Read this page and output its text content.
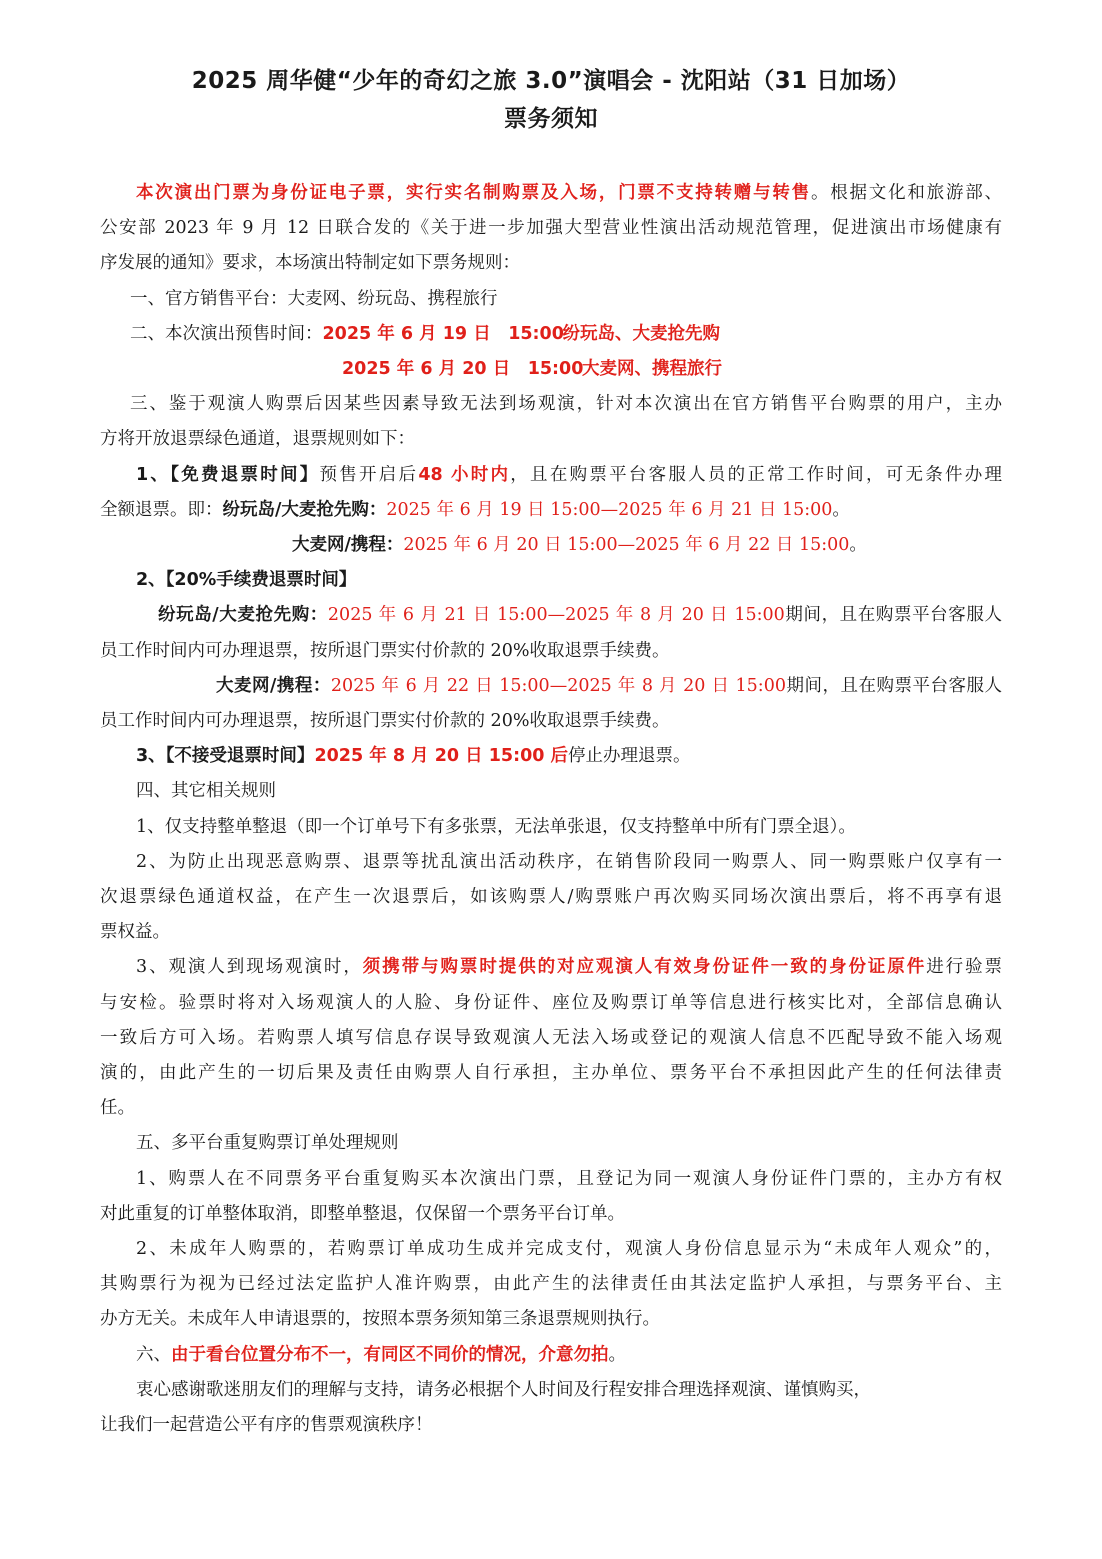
2025 周华健“少年的奇幻之旅 3.0”演唱会 - 沈阳站（31 日加场）
票务须知
本次演出门票为身份证电子票，实行实名制购票及入场，门票不支持转赠与转售。根据文化和旅游部、
公安部 2023 年 9 月 12 日联合发的《关于进一步加强大型营业性演出活动规范管理，促进演出市场健康有
序发展的通知》要求，本场演出特制定如下票务规则：
一、官方销售平台：大麦网、纷玩岛、携程旅行
二、本次演出预售时间：2025 年 6 月 19 日　15:00纷玩岛、大麦抢先购
2025 年 6 月 20 日　15:00大麦网、携程旅行
三、鉴于观演人购票后因某些因素导致无法到场观演，针对本次演出在官方销售平台购票的用户，主办
方将开放退票绿色通道，退票规则如下：
1、【免费退票时间】预售开启后48 小时内，且在购票平台客服人员的正常工作时间，可无条件办理
全额退票。即：纷玩岛/大麦抢先购：2025 年 6 月 19 日 15:00—2025 年 6 月 21 日 15:00。
大麦网/携程：2025 年 6 月 20 日 15:00—2025 年 6 月 22 日 15:00。
2、【20%手续费退票时间】
纷玩岛/大麦抢先购：2025 年 6 月 21 日 15:00—2025 年 8 月 20 日 15:00期间，且在购票平台客服人
员工作时间内可办理退票，按所退门票实付价款的 20%收取退票手续费。
大麦网/携程：2025 年 6 月 22 日 15:00—2025 年 8 月 20 日 15:00期间，且在购票平台客服人
员工作时间内可办理退票，按所退门票实付价款的 20%收取退票手续费。
3、【不接受退票时间】2025 年 8 月 20 日 15:00 后停止办理退票。
四、其它相关规则
1、仅支持整单整退（即一个订单号下有多张票，无法单张退，仅支持整单中所有门票全退）。
2、为防止出现恶意购票、退票等扰乱演出活动秩序，在销售阶段同一购票人、同一购票账户仅享有一
次退票绿色通道权益，在产生一次退票后，如该购票人/购票账户再次购买同场次演出票后，将不再享有退
票权益。
3、观演人到现场观演时，须携带与购票时提供的对应观演人有效身份证件一致的身份证原件进行验票
与安检。验票时将对入场观演人的人脸、身份证件、座位及购票订单等信息进行核实比对，全部信息确认
一致后方可入场。若购票人填写信息存误导致观演人无法入场或登记的观演人信息不匹配导致不能入场观
演的，由此产生的一切后果及责任由购票人自行承担，主办单位、票务平台不承担因此产生的任何法律责
任。
五、多平台重复购票订单处理规则
1、购票人在不同票务平台重复购买本次演出门票，且登记为同一观演人身份证件门票的，主办方有权
对此重复的订单整体取消，即整单整退，仅保留一个票务平台订单。
2、未成年人购票的，若购票订单成功生成并完成支付，观演人身份信息显示为“未成年人观众”的，
其购票行为视为已经过法定监护人准许购票，由此产生的法律责任由其法定监护人承担，与票务平台、主
办方无关。未成年人申请退票的，按照本票务须知第三条退票规则执行。
六、由于看台位置分布不一，有同区不同价的情况，介意勿拍。
衷心感谢歌迷朋友们的理解与支持，请务必根据个人时间及行程安排合理选择观演、谨慎购买，
让我们一起营造公平有序的售票观演秩序！
